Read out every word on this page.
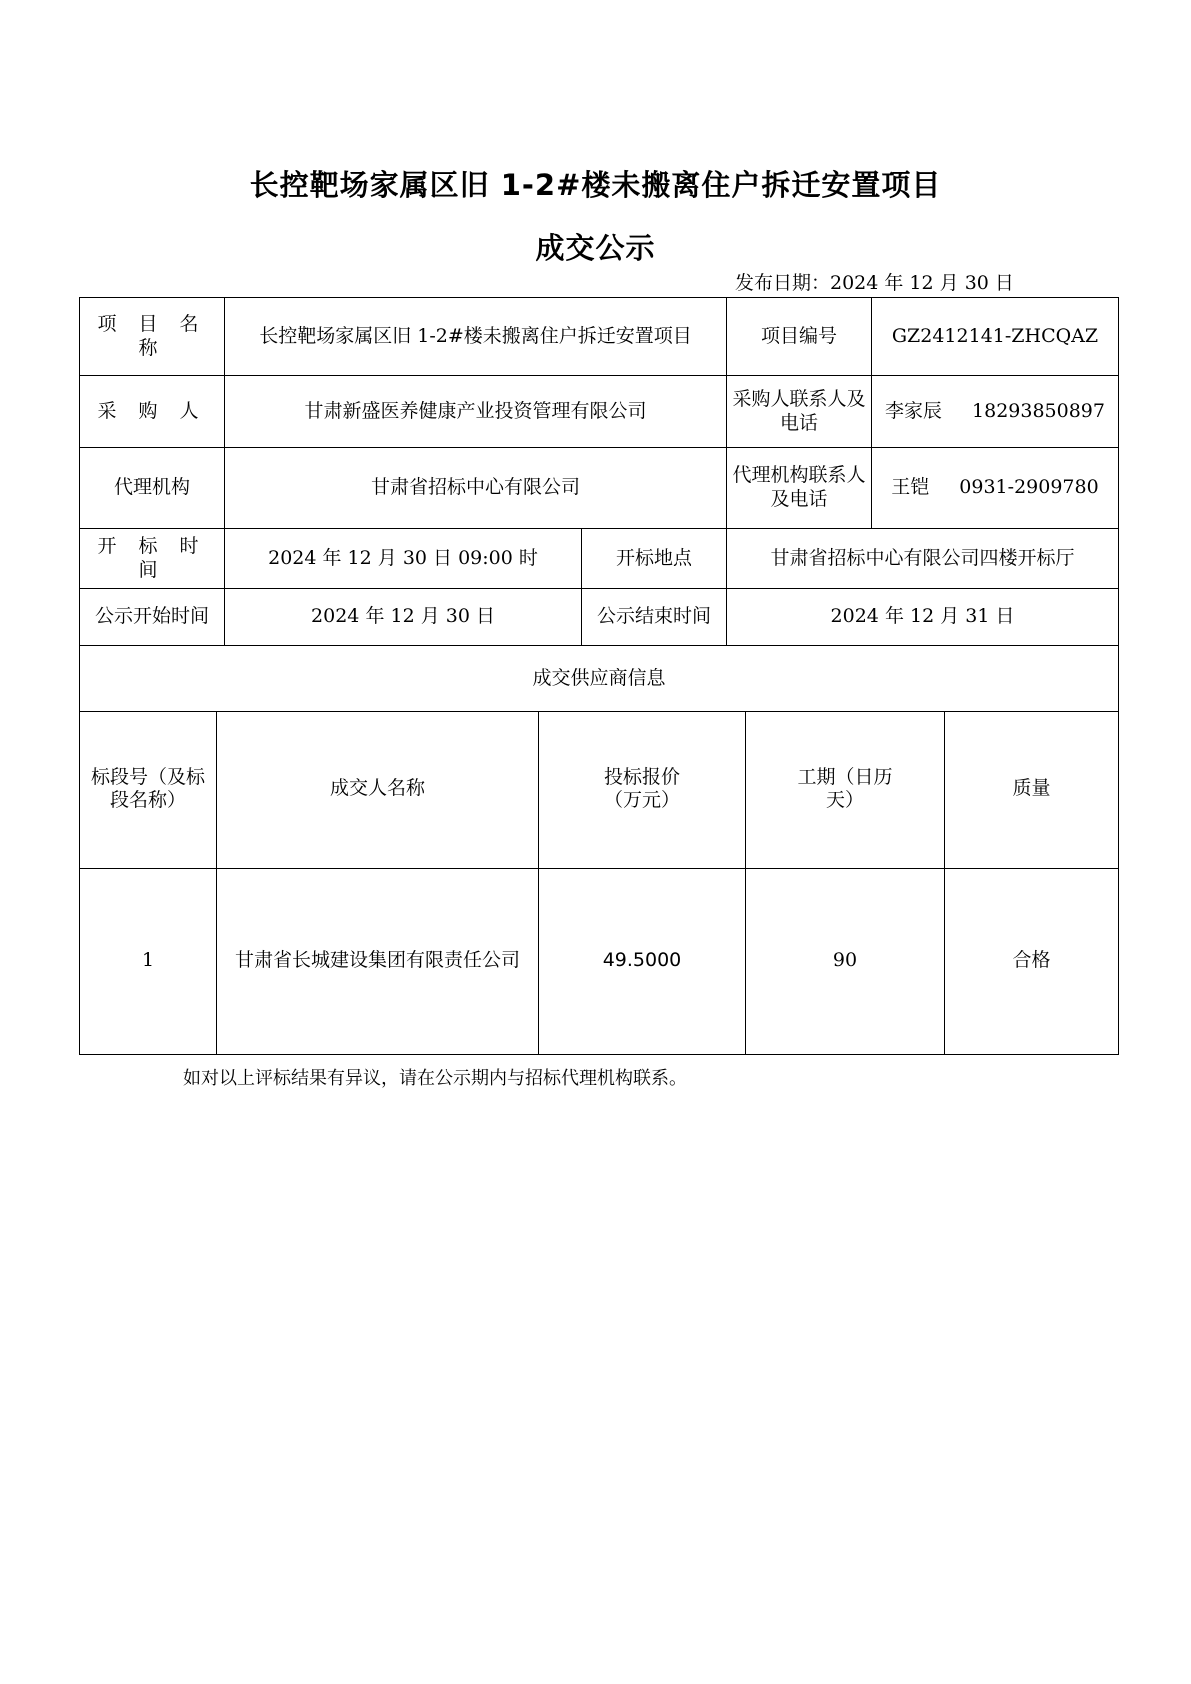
长控靶场家属区旧 1-2#楼未搬离住户拆迁安置项目
成交公示
发布日期：2024 年 12 月 30 日
项 目 名 称	长控靶场家属区旧 1-2#楼未搬离住户拆迁安置项目		项目编号	GZ2412141-ZHCQAZ
采 购 人	甘肃新盛医养健康产业投资管理有限公司		采购人联系人及电话	李家辰 18293850897
代理机构	甘肃省招标中心有限公司		代理机构联系人及电话	王铠 0931-2909780
开 标 时 间	2024 年 12 月 30 日 09:00 时	开标地点	甘肃省招标中心有限公司四楼开标厅	
公示开始时间	2024 年 12 月 30 日	公示结束时间	2024 年 12 月 31 日	
成交供应商信息				
标段号（及标段名称）	成交人名称	投标报价（万元）	工期（日历天）	质量
1	甘肃省长城建设集团有限责任公司	49.5000	90	合格
如对以上评标结果有异议，请在公示期内与招标代理机构联系。
